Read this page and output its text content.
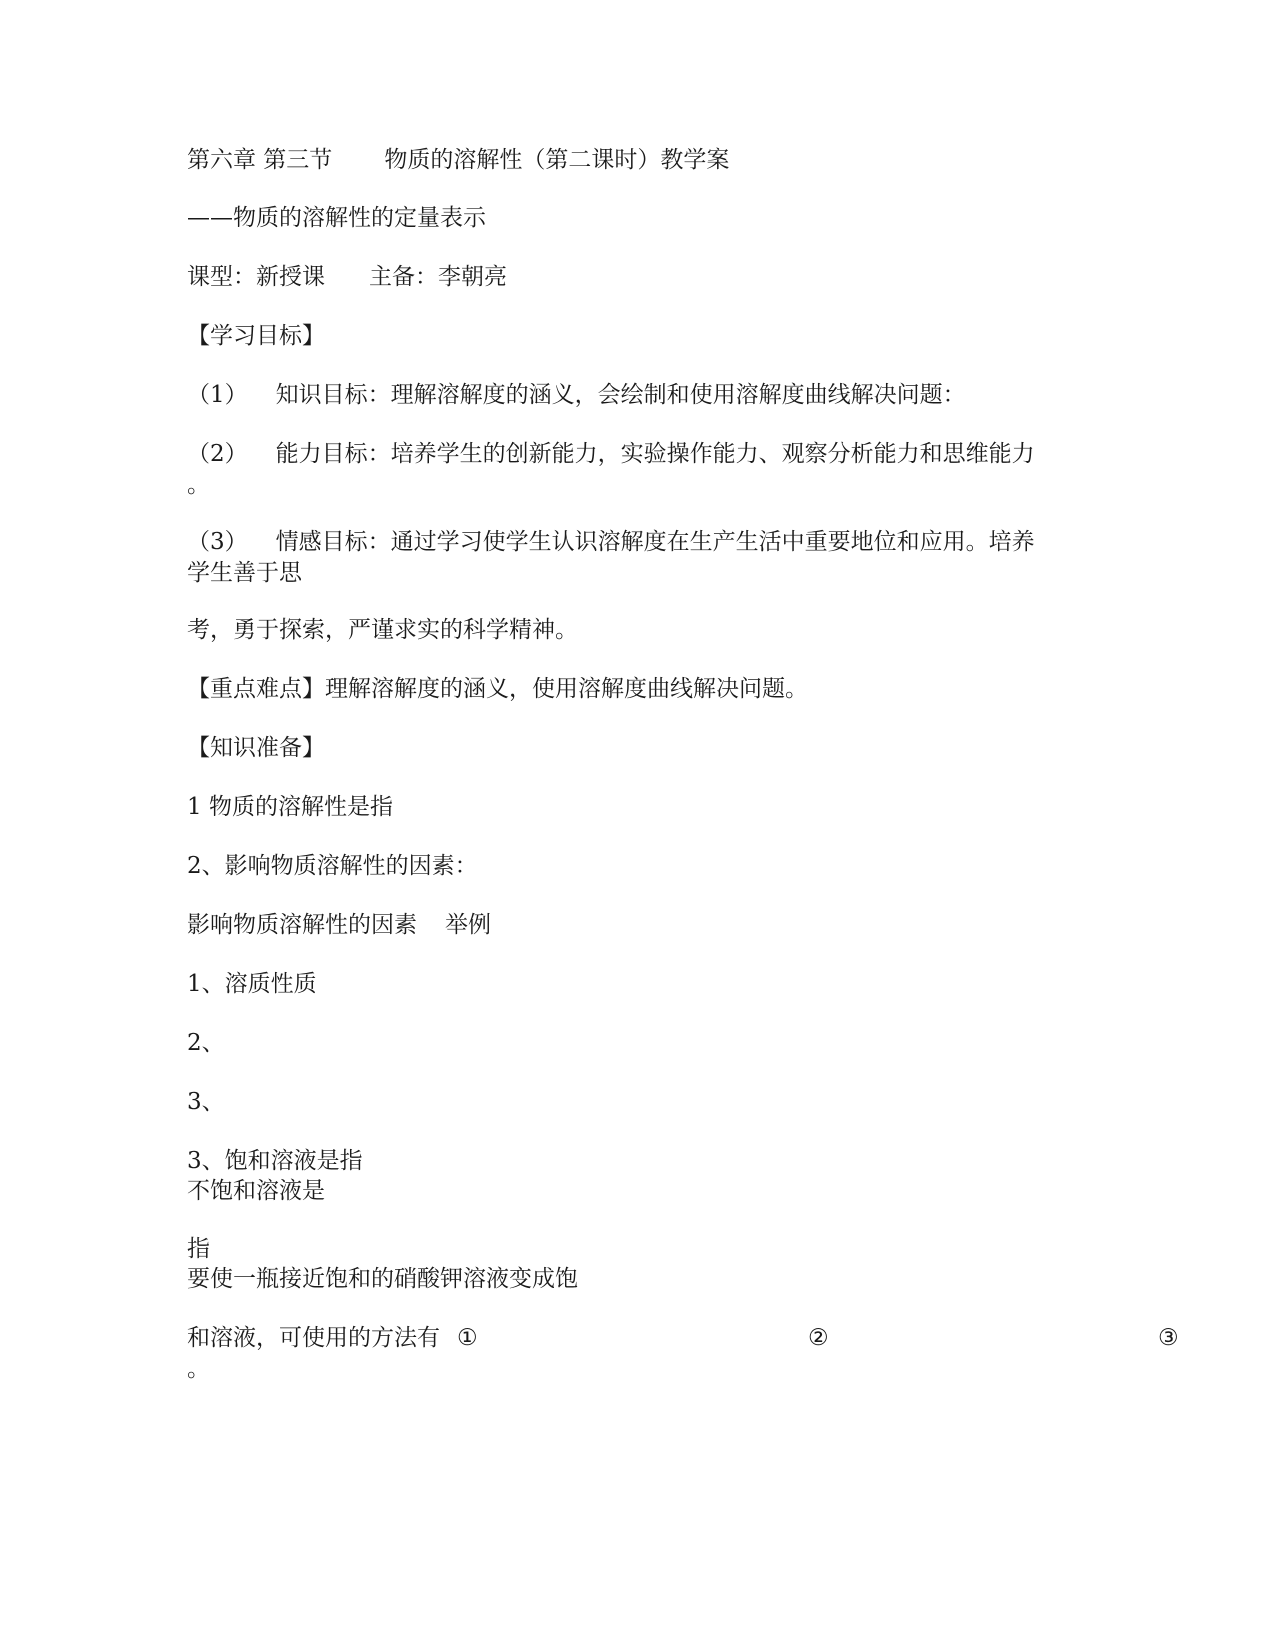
第六章 第三节 物质的溶解性（第二课时）教学案
——物质的溶解性的定量表示
课型：新授课 主备：李朝亮
【学习目标】
（1） 知识目标：理解溶解度的涵义，会绘制和使用溶解度曲线解决问题：
（2） 能力目标：培养学生的创新能力，实验操作能力、观察分析能力和思维能力
。
（3） 情感目标：通过学习使学生认识溶解度在生产生活中重要地位和应用。培养
学生善于思
考，勇于探索，严谨求实的科学精神。
【重点难点】理解溶解度的涵义，使用溶解度曲线解决问题。
【知识准备】
1 物质的溶解性是指
2、影响物质溶解性的因素：
影响物质溶解性的因素 举例
1、溶质性质
2、
3、
3、饱和溶液是指
不饱和溶液是
指
要使一瓶接近饱和的硝酸钾溶液变成饱
和溶液，可使用的方法有 ①	②	③
。
